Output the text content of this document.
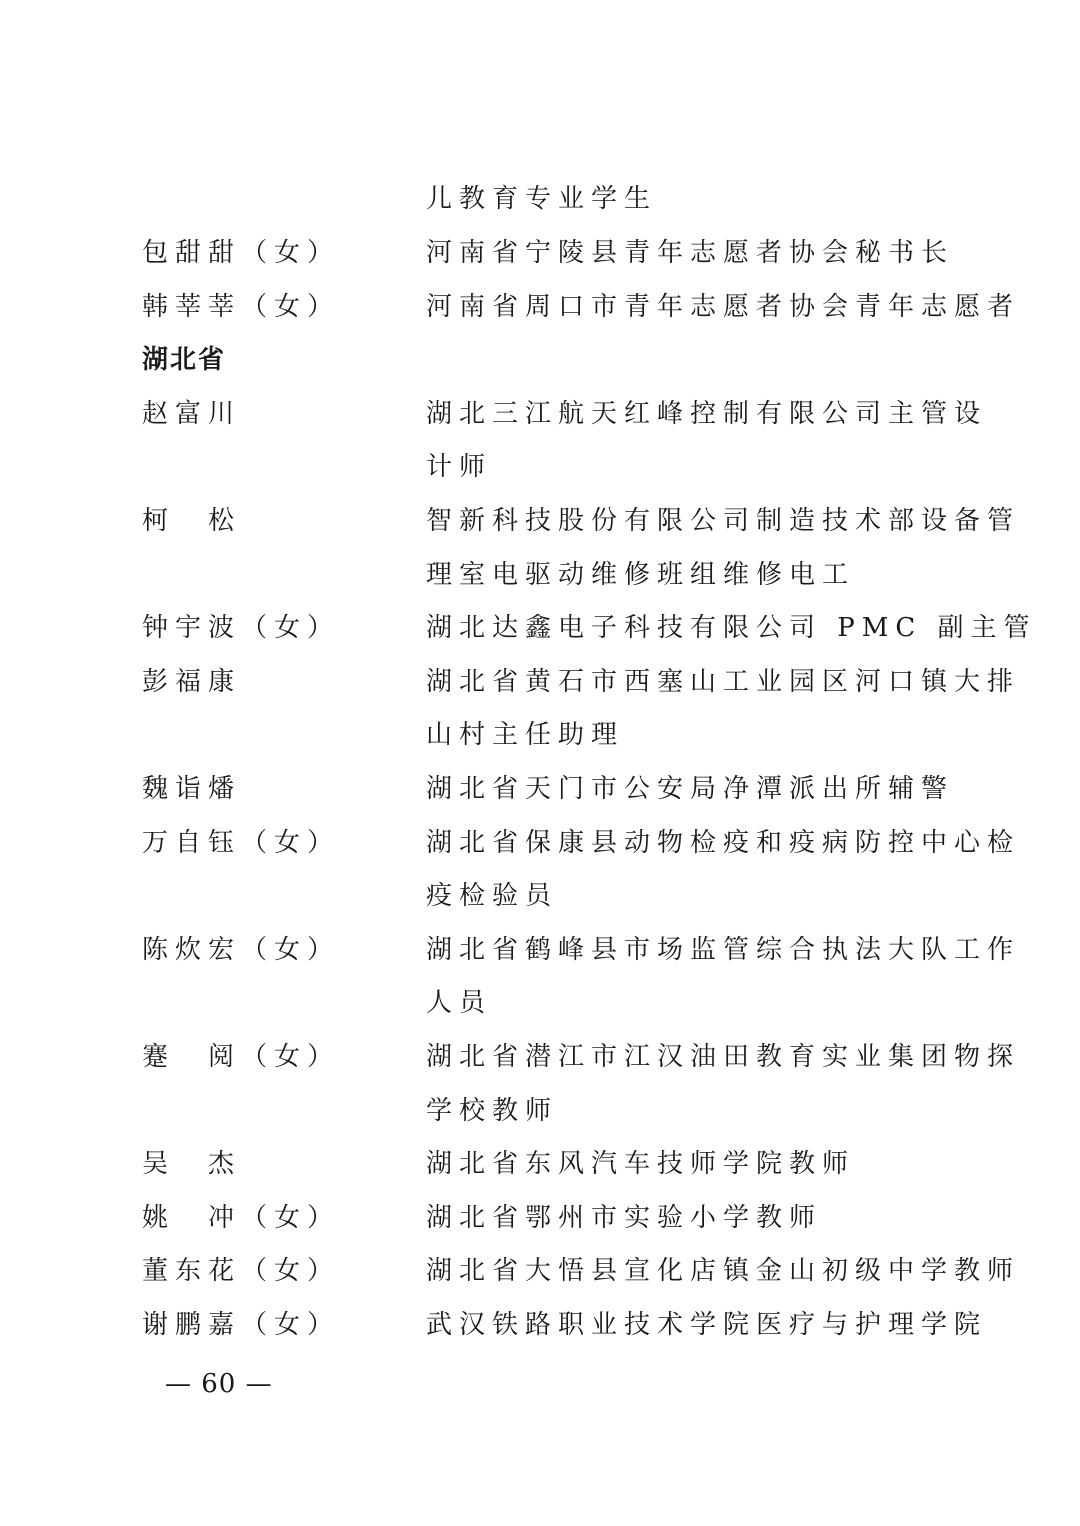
儿教育专业学生
包甜甜（女）	河南省宁陵县青年志愿者协会秘书长
韩莘莘（女）	河南省周口市青年志愿者协会青年志愿者
湖北省
赵富川	湖北三江航天红峰控制有限公司主管设
计师
柯　松	智新科技股份有限公司制造技术部设备管
理室电驱动维修班组维修电工
钟宇波（女）	湖北达鑫电子科技有限公司 PMC 副主管
彭福康	湖北省黄石市西塞山工业园区河口镇大排
山村主任助理
魏诣燔	湖北省天门市公安局净潭派出所辅警
万自钰（女）	湖北省保康县动物检疫和疫病防控中心检
疫检验员
陈炊宏（女）	湖北省鹤峰县市场监管综合执法大队工作
人员
蹇　阅（女）	湖北省潜江市江汉油田教育实业集团物探
学校教师
吴　杰	湖北省东风汽车技师学院教师
姚　冲（女）	湖北省鄂州市实验小学教师
董东花（女）	湖北省大悟县宣化店镇金山初级中学教师
谢鹏嘉（女）	武汉铁路职业技术学院医疗与护理学院
— 60 —
